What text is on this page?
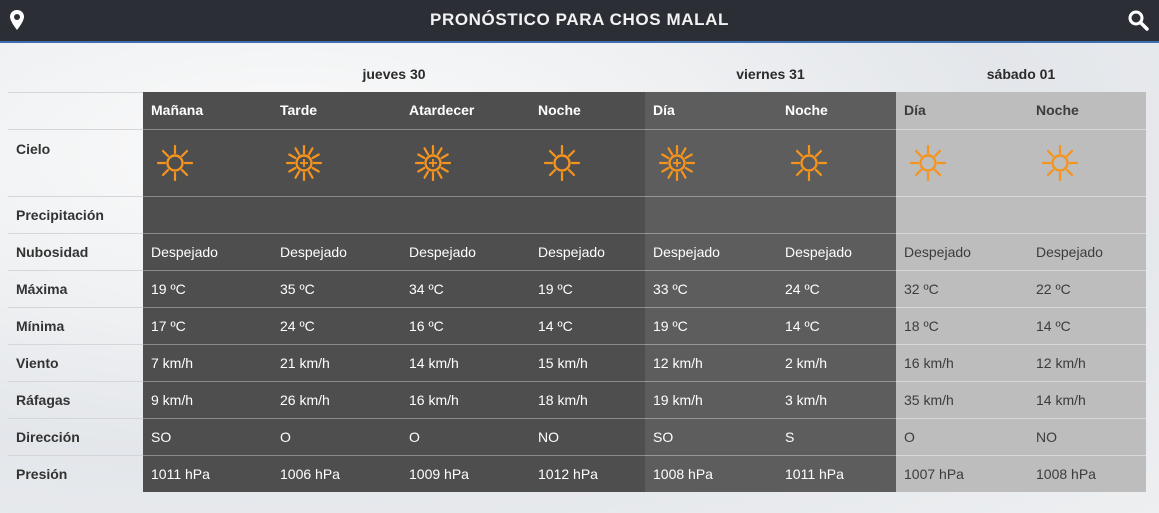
PRONÓSTICO PARA CHOS MALAL
	jueves 30				viernes 31		sábado 01	
	Mañana	Tarde	Atardecer	Noche	Día	Noche	Día	Noche
Cielo	

Precipitación								
Nubosidad	Despejado	Despejado	Despejado	Despejado	Despejado	Despejado	Despejado	Despejado
Máxima	19 ºC	35 ºC	34 ºC	19 ºC	33 ºC	24 ºC	32 ºC	22 ºC
Mínima	17 ºC	24 ºC	16 ºC	14 ºC	19 ºC	14 ºC	18 ºC	14 ºC
Viento	7 km/h	21 km/h	14 km/h	15 km/h	12 km/h	2 km/h	16 km/h	12 km/h
Ráfagas	9 km/h	26 km/h	16 km/h	18 km/h	19 km/h	3 km/h	35 km/h	14 km/h
Dirección	SO	O	O	NO	SO	S	O	NO
Presión	1011 hPa	1006 hPa	1009 hPa	1012 hPa	1008 hPa	1011 hPa	1007 hPa	1008 hPa
